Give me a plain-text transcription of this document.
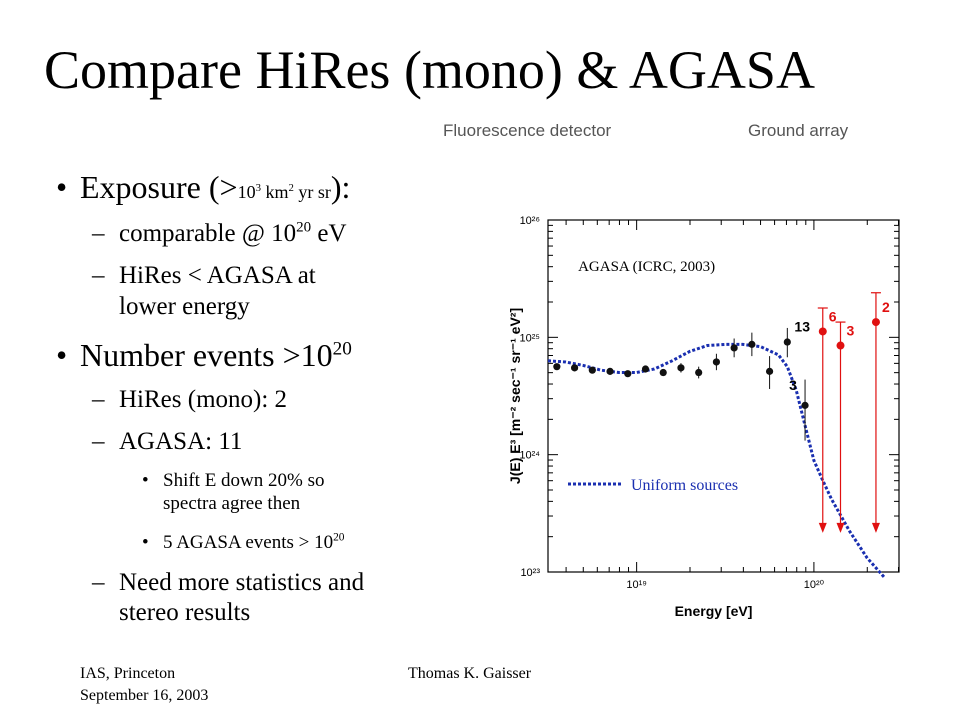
Compare HiRes (mono) & AGASA
Fluorescence detector	Ground array
• Exposure ($>10^3$ $km^2$ yr sr):
– comparable @ $10^{20}$ eV
– HiRes < AGASA at
lower energy
• Number events $>10^{20}$
– HiRes (mono): 2
– AGASA: 11
• Shift E down 20% so
spectra agree then
• 5 AGASA events > $10^{20}$
– Need more statistics and
stereo results
IAS, Princeton
September 16, 2003
Thomas K. Gaisser
10²³
10²⁴
10²⁵
10²⁶
10¹⁹	10²⁰
Energy [eV]
J(E) E³ [m⁻² sec⁻¹ sr⁻¹ eV²]
AGASA (ICRC, 2003)
Uniform sources
6
3
2
13
3
